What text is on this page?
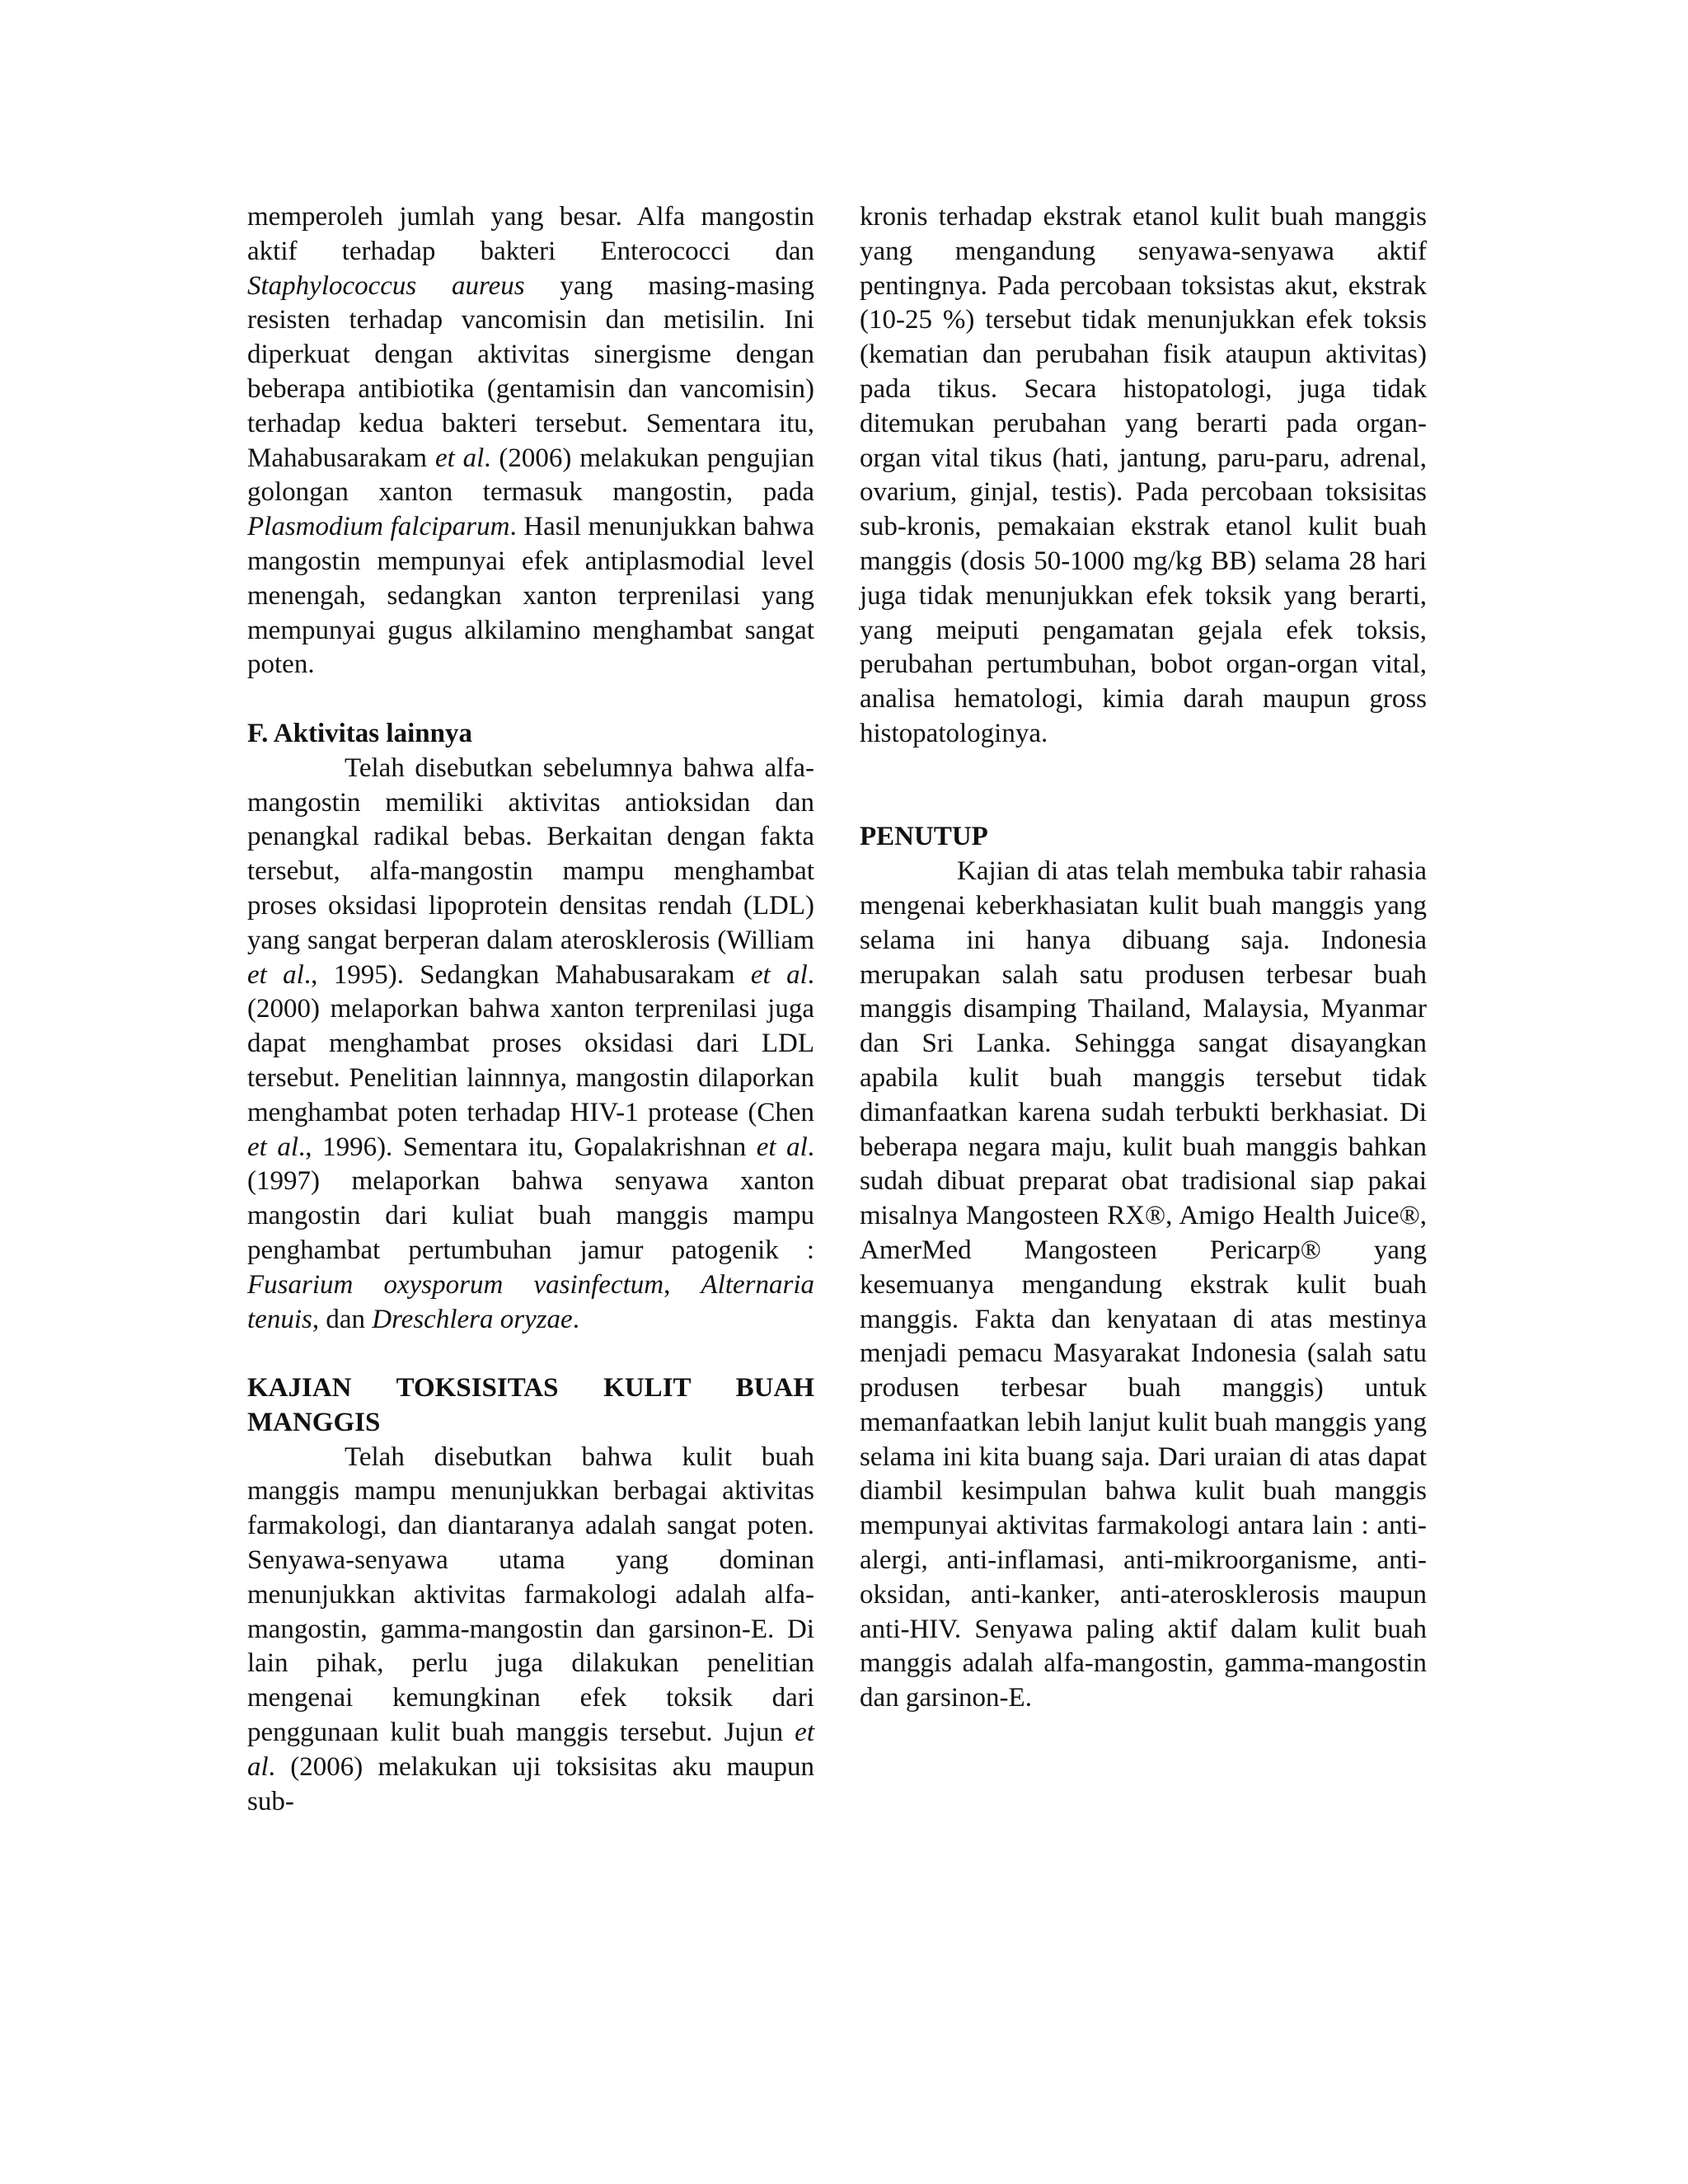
memperoleh jumlah yang besar. Alfa mangostin aktif terhadap bakteri Enterococci dan Staphylococcus aureus yang masing-masing resisten terhadap vancomisin dan metisilin. Ini diperkuat dengan aktivitas sinergisme dengan beberapa antibiotika (gentamisin dan vancomisin) terhadap kedua bakteri tersebut. Sementara itu, Mahabusarakam et al. (2006) melakukan pengujian golongan xanton termasuk mangostin, pada Plasmodium falciparum. Hasil menunjukkan bahwa mangostin mempunyai efek antiplasmodial level menengah, sedangkan xanton terprenilasi yang mempunyai gugus alkilamino menghambat sangat poten.

F. Aktivitas lainnya

Telah disebutkan sebelumnya bahwa alfa-mangostin memiliki aktivitas antioksidan dan penangkal radikal bebas. Berkaitan dengan fakta tersebut, alfa-mangostin mampu menghambat proses oksidasi lipoprotein densitas rendah (LDL) yang sangat berperan dalam aterosklerosis (William et al., 1995). Sedangkan Mahabusarakam et al. (2000) melaporkan bahwa xanton terprenilasi juga dapat menghambat proses oksidasi dari LDL tersebut. Penelitian lainnnya, mangostin dilaporkan menghambat poten terhadap HIV-1 protease (Chen et al., 1996). Sementara itu, Gopalakrishnan et al. (1997) melaporkan bahwa senyawa xanton mangostin dari kuliat buah manggis mampu penghambat pertumbuhan jamur patogenik : Fusarium oxysporum vasinfectum, Alternaria tenuis, dan Dreschlera oryzae.

KAJIAN TOKSISITAS KULIT BUAH MANGGIS

Telah disebutkan bahwa kulit buah manggis mampu menunjukkan berbagai aktivitas farmakologi, dan diantaranya adalah sangat poten. Senyawa-senyawa utama yang dominan menunjukkan aktivitas farmakologi adalah alfa-mangostin, gamma-mangostin dan garsinon-E. Di lain pihak, perlu juga dilakukan penelitian mengenai kemungkinan efek toksik dari penggunaan kulit buah manggis tersebut. Jujun et al. (2006) melakukan uji toksisitas aku maupun sub-

kronis terhadap ekstrak etanol kulit buah manggis yang mengandung senyawa-senyawa aktif pentingnya. Pada percobaan toksistas akut, ekstrak (10-25 %) tersebut tidak menunjukkan efek toksis (kematian dan perubahan fisik ataupun aktivitas) pada tikus. Secara histopatologi, juga tidak ditemukan perubahan yang berarti pada organ-organ vital tikus (hati, jantung, paru-paru, adrenal, ovarium, ginjal, testis). Pada percobaan toksisitas sub-kronis, pemakaian ekstrak etanol kulit buah manggis (dosis 50-1000 mg/kg BB) selama 28 hari juga tidak menunjukkan efek toksik yang berarti, yang meiputi pengamatan gejala efek toksis, perubahan pertumbuhan, bobot organ-organ vital, analisa hematologi, kimia darah maupun gross histopatologinya.

PENUTUP

Kajian di atas telah membuka tabir rahasia mengenai keberkhasiatan kulit buah manggis yang selama ini hanya dibuang saja. Indonesia merupakan salah satu produsen terbesar buah manggis disamping Thailand, Malaysia, Myanmar dan Sri Lanka. Sehingga sangat disayangkan apabila kulit buah manggis tersebut tidak dimanfaatkan karena sudah terbukti berkhasiat. Di beberapa negara maju, kulit buah manggis bahkan sudah dibuat preparat obat tradisional siap pakai misalnya Mangosteen RX®, Amigo Health Juice®, AmerMed Mangosteen Pericarp® yang kesemuanya mengandung ekstrak kulit buah manggis. Fakta dan kenyataan di atas mestinya menjadi pemacu Masyarakat Indonesia (salah satu produsen terbesar buah manggis) untuk memanfaatkan lebih lanjut kulit buah manggis yang selama ini kita buang saja. Dari uraian di atas dapat diambil kesimpulan bahwa kulit buah manggis mempunyai aktivitas farmakologi antara lain : anti-alergi, anti-inflamasi, anti-mikroorganisme, anti-oksidan, anti-kanker, anti-aterosklerosis maupun anti-HIV. Senyawa paling aktif dalam kulit buah manggis adalah alfa-mangostin, gamma-mangostin dan garsinon-E.
